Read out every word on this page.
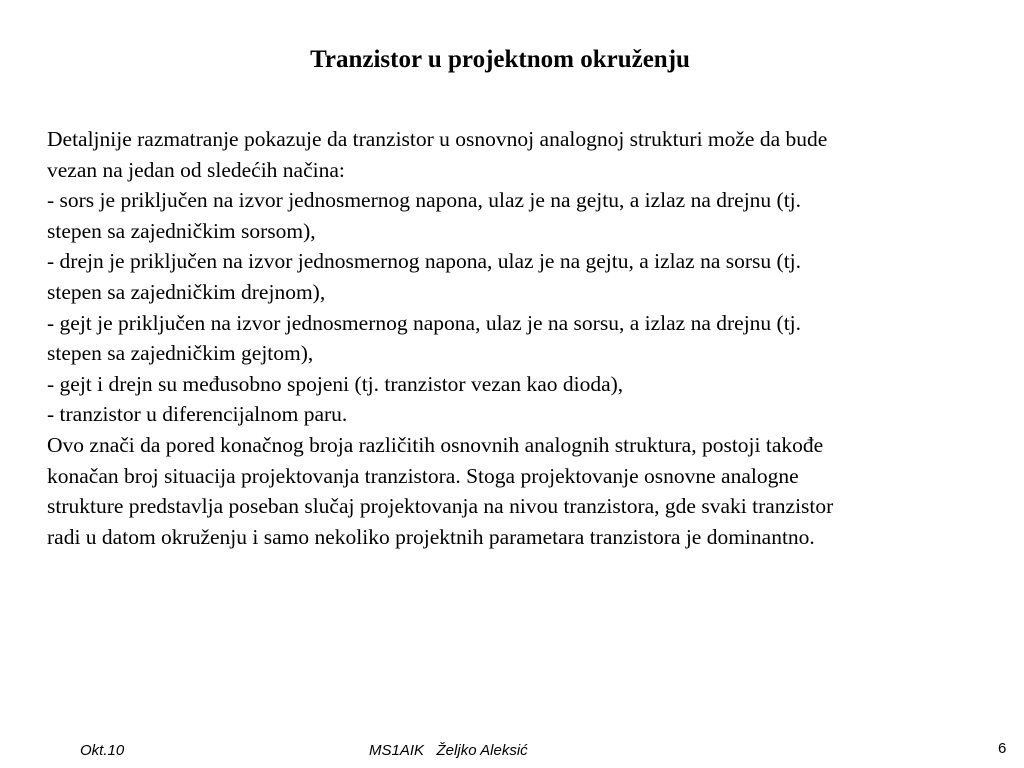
Tranzistor u projektnom okruženju
Detaljnije razmatranje pokazuje da tranzistor u osnovnoj analognoj strukturi može da bude
vezan na jedan od sledećih načina:
- sors je priključen na izvor jednosmernog napona, ulaz je na gejtu, a izlaz na drejnu (tj.
stepen sa zajedničkim sorsom),
- drejn je priključen na izvor jednosmernog napona, ulaz je na gejtu, a izlaz na sorsu (tj.
stepen sa zajedničkim drejnom),
- gejt je priključen na izvor jednosmernog napona, ulaz je na sorsu, a izlaz na drejnu (tj.
stepen sa zajedničkim gejtom),
- gejt i drejn su međusobno spojeni (tj. tranzistor vezan kao dioda),
- tranzistor u diferencijalnom paru.
Ovo znači da pored konačnog broja različitih osnovnih analognih struktura, postoji takođe
konačan broj situacija projektovanja tranzistora. Stoga projektovanje osnovne analogne
strukture predstavlja poseban slučaj projektovanja na nivou tranzistora, gde svaki tranzistor
radi u datom okruženju i samo nekoliko projektnih parametara tranzistora je dominantno.
Okt.10	MS1AIK   Željko Aleksić	6
